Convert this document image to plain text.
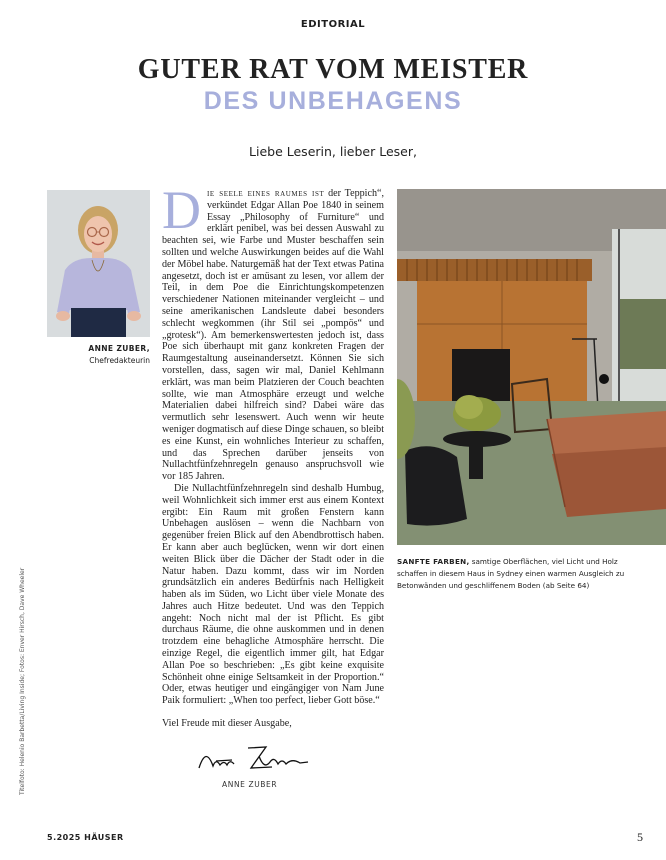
EDITORIAL
GUTER RAT VOM MEISTER
DES UNBEHAGENS
Liebe Leserin, lieber Leser,
ANNE ZUBER,
Chefredakteurin

Die seele eines raumes ist der Teppich“, verkündet Edgar Allan Poe 1840 in seinem Essay „Philosophy of Furniture“ und erklärt penibel, was bei dessen Auswahl zu beachten sei, wie Farbe und Muster beschaffen sein sollten und welche Auswirkungen beides auf die Wahl der Möbel habe. Naturgemäß hat der Text etwas Patina angesetzt, doch ist er amüsant zu lesen, vor allem der Teil, in dem Poe die Einrichtungskompetenzen verschiedener Nationen miteinander vergleicht – und seine amerikanischen Landsleute dabei besonders schlecht wegkommen (ihr Stil sei „pompös“ und „grotesk“). Am bemerkenswertesten jedoch ist, dass Poe sich überhaupt mit ganz konkreten Fragen der Raumgestaltung auseinandersetzt. Können Sie sich vorstellen, dass, sagen wir mal, Daniel Kehlmann erklärt, was man beim Platzieren der Couch beachten sollte, wie man Atmosphäre erzeugt und welche Materialien dabei hilfreich sind? Dabei wäre das vermutlich sehr lesenswert. Auch wenn wir heute weniger dogmatisch auf diese Dinge schauen, so bleibt es eine Kunst, ein wohnliches Interieur zu schaffen, und das Sprechen darüber jenseits von Nullachtfünfzehnregeln genauso anspruchsvoll wie vor 185 Jahren.

Die Nullachtfünfzehnregeln sind deshalb Humbug, weil Wohnlichkeit sich immer erst aus einem Kontext ergibt: Ein Raum mit großen Fenstern kann Unbehagen auslösen – wenn die Nachbarn von gegenüber freien Blick auf den Abendbrottisch haben. Er kann aber auch beglücken, wenn wir dort einen weiten Blick über die Dächer der Stadt oder in die Natur haben. Dazu kommt, dass wir im Norden grundsätzlich ein anderes Bedürfnis nach Helligkeit haben als im Süden, wo Licht über viele Monate des Jahres auch Hitze bedeutet. Und was den Teppich angeht: Noch nicht mal der ist Pflicht. Es gibt durchaus Räume, die ohne auskommen und in denen trotzdem eine behagliche Atmosphäre herrscht. Die einzige Regel, die eigentlich immer gilt, hat Edgar Allan Poe so beschrieben: „Es gibt keine exquisite Schönheit ohne einige Seltsamkeit in der Proportion.“ Oder, etwas heutiger und eingängiger von Nam June Paik formuliert: „When too perfect, lieber Gott böse.“

Viel Freude mit dieser Ausgabe,

ANNE ZUBER
SANFTE FARBEN, samtige Oberflächen, viel Licht und Holz schaffen in diesem Haus in Sydney einen warmen Ausgleich zu Betonwänden und geschliffenem Boden (ab Seite 64)
Titelfoto: Helenio Barbetta/Living Inside; Fotos: Enver Hirsch, Dave Wheeler
5.2025 HÄUSER	5
